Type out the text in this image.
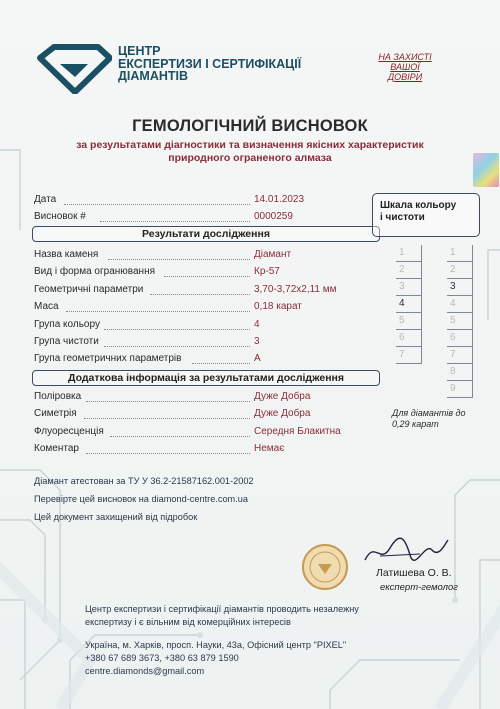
ЦЕНТР
ЕКСПЕРТИЗИ І СЕРТИФІКАЦІЇ
ДІАМАНТІВ
НА ЗАХИСТІ
ВАШОЇ
ДОВІРИ
ГЕМОЛОГІЧНИЙ ВИСНОВОК
за результатами діагностики та визначення якісних характеристик
природного ограненого алмаза
Дата	14.01.2023
Висновок #	0000259
Результати дослідження
Назва каменя	Діамант
Вид і форма огранювання	Кр-57
Геометричні параметри	3,70-3,72х2,11 мм
Маса	0,18 карат
Група кольору	4
Група чистоти	3
Група геометричних параметрів	А
Додаткова інформація за результатами дослідження
Полірoвка	Дуже Добра
Симетрія	Дуже Добра
Флуоресценція	Середня Блакитна
Коментар	Немає
Шкала кольору
і чистоти
1
2
3
4
5
6
7
1
2
3
4
5
6
7
8
9
Для діамантів до
0,29 карат
Діамант атестован за ТУ У 36.2-21587162.001-2002
Перевірте цей висновок на diamond-centre.com.ua
Цей документ захищений від підробок
Латишева О. В.
експерт-гемолог
Центр експертизи і сертифікації діамантів проводить незалежну
експертизу і є вільним від комерційних інтересів
Україна, м. Харків, просп. Науки, 43а, Офісний центр "PIXEL"
+380 67 689 3673, +380 63 879 1590
centre.diamonds@gmail.com
